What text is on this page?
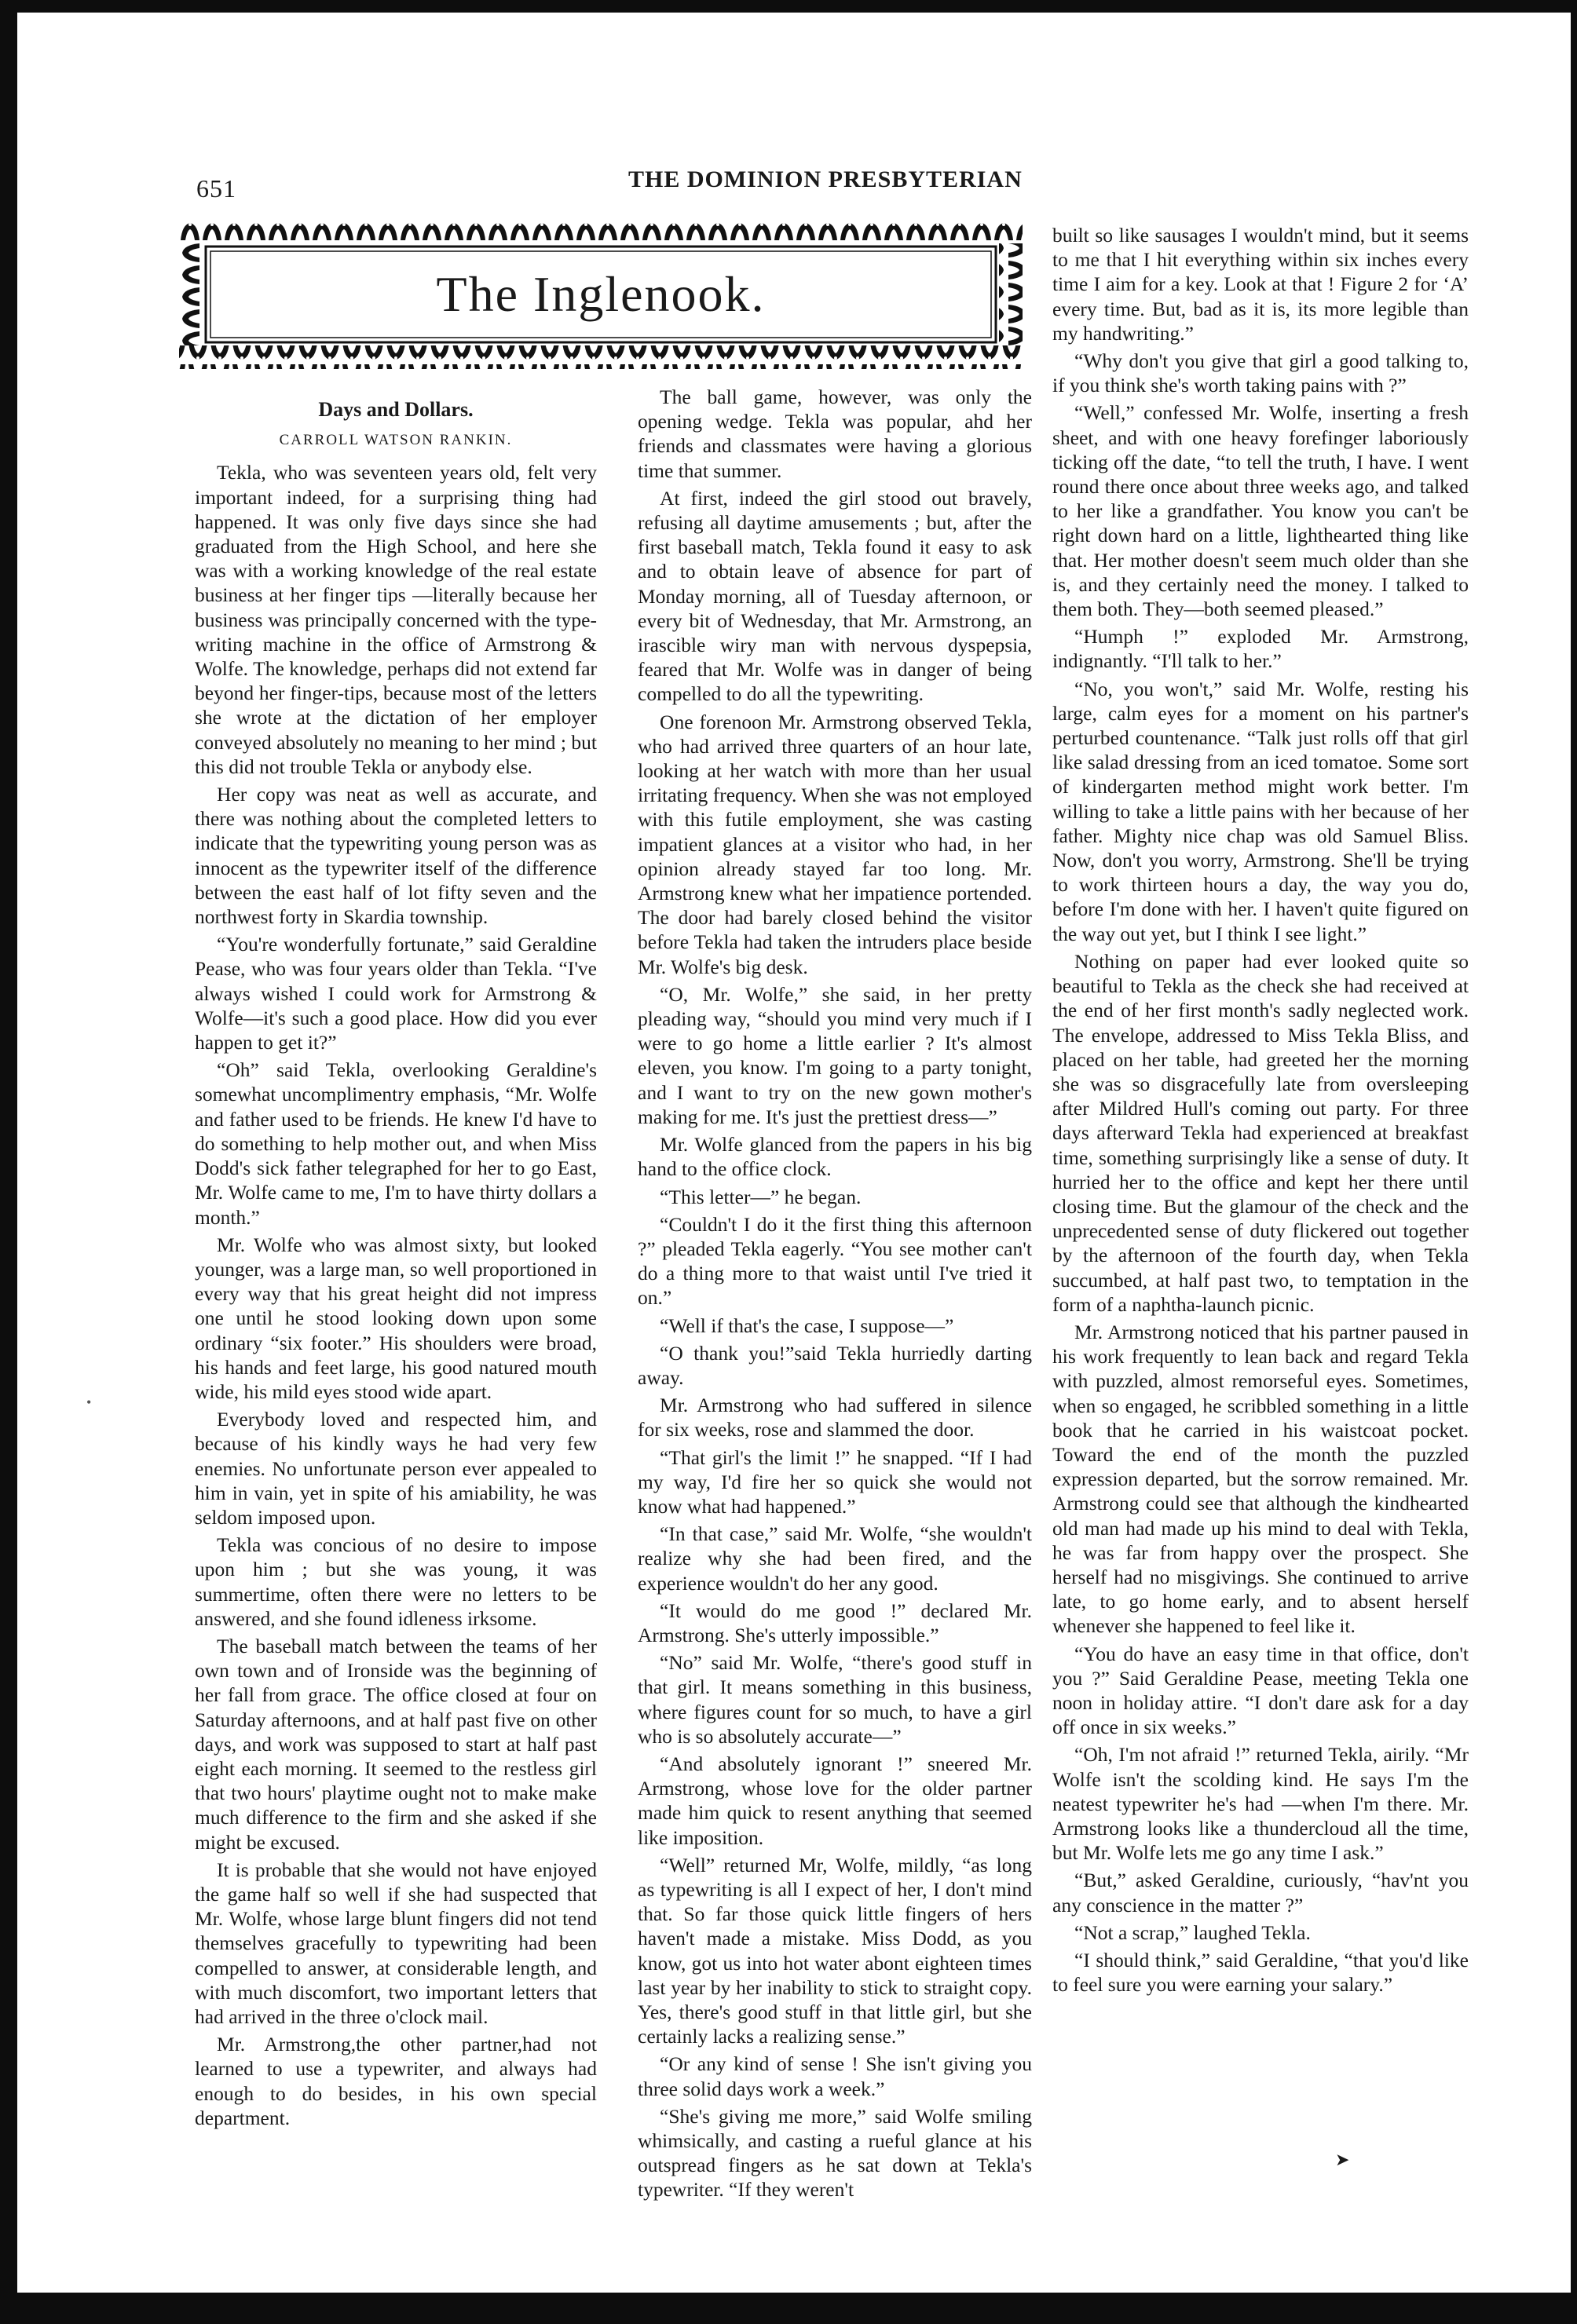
651	THE DOMINION PRESBYTERIAN
The Inglenook.
Days and Dollars.
CARROLL WATSON RANKIN.

Tekla, who was seventeen years old, felt very important indeed, for a surprising thing had happened. It was only five days since she had graduated from the High School, and here she was with a working knowledge of the real estate business at her finger tips —literally because her business was principally concerned with the type-writing machine in the office of Armstrong & Wolfe. The knowledge, perhaps did not extend far beyond her finger-tips, because most of the letters she wrote at the dictation of her employer conveyed absolutely no meaning to her mind ; but this did not trouble Tekla or anybody else.

Her copy was neat as well as accurate, and there was nothing about the completed letters to indicate that the typewriting young person was as innocent as the typewriter itself of the difference between the east half of lot fifty seven and the northwest forty in Skardia township.

“You're wonderfully fortunate,” said Geraldine Pease, who was four years older than Tekla. “I've always wished I could work for Armstrong & Wolfe—it's such a good place. How did you ever happen to get it?”

“Oh” said Tekla, overlooking Geraldine's somewhat uncomplimentry emphasis, “Mr. Wolfe and father used to be friends. He knew I'd have to do something to help mother out, and when Miss Dodd's sick father telegraphed for her to go East, Mr. Wolfe came to me, I'm to have thirty dollars a month.”

Mr. Wolfe who was almost sixty, but looked younger, was a large man, so well proportioned in every way that his great height did not impress one until he stood looking down upon some ordinary “six footer.” His shoulders were broad, his hands and feet large, his good natured mouth wide, his mild eyes stood wide apart.

Everybody loved and respected him, and because of his kindly ways he had very few enemies. No unfortunate person ever appealed to him in vain, yet in spite of his amiability, he was seldom imposed upon.

Tekla was concious of no desire to impose upon him ; but she was young, it was summertime, often there were no letters to be answered, and she found idleness irksome.

The baseball match between the teams of her own town and of Ironside was the beginning of her fall from grace. The office closed at four on Saturday afternoons, and at half past five on other days, and work was supposed to start at half past eight each morning. It seemed to the restless girl that two hours' playtime ought not to make make much difference to the firm and she asked if she might be excused.

It is probable that she would not have enjoyed the game half so well if she had suspected that Mr. Wolfe, whose large blunt fingers did not tend themselves gracefully to typewriting had been compelled to answer, at considerable length, and with much discomfort, two important letters that had arrived in the three o'clock mail.

Mr. Armstrong,the other partner,had not learned to use a typewriter, and always had enough to do besides, in his own special department.

The ball game, however, was only the opening wedge. Tekla was popular, ahd her friends and classmates were having a glorious time that summer.

At first, indeed the girl stood out bravely, refusing all daytime amusements ; but, after the first baseball match, Tekla found it easy to ask and to obtain leave of absence for part of Monday morning, all of Tuesday afternoon, or every bit of Wednesday, that Mr. Armstrong, an irascible wiry man with nervous dyspepsia, feared that Mr. Wolfe was in danger of being compelled to do all the typewriting.

One forenoon Mr. Armstrong observed Tekla, who had arrived three quarters of an hour late, looking at her watch with more than her usual irritating frequency. When she was not employed with this futile employment, she was casting impatient glances at a visitor who had, in her opinion already stayed far too long. Mr. Armstrong knew what her impatience portended. The door had barely closed behind the visitor before Tekla had taken the intruders place beside Mr. Wolfe's big desk.

“O, Mr. Wolfe,” she said, in her pretty pleading way, “should you mind very much if I were to go home a little earlier ? It's almost eleven, you know. I'm going to a party tonight, and I want to try on the new gown mother's making for me. It's just the prettiest dress—”

Mr. Wolfe glanced from the papers in his big hand to the office clock.

“This letter—” he began.

“Couldn't I do it the first thing this afternoon ?” pleaded Tekla eagerly. “You see mother can't do a thing more to that waist until I've tried it on.”

“Well if that's the case, I suppose—”

“O thank you!”said Tekla hurriedly darting away.

Mr. Armstrong who had suffered in silence for six weeks, rose and slammed the door.

“That girl's the limit !” he snapped. “If I had my way, I'd fire her so quick she would not know what had happened.”

“In that case,” said Mr. Wolfe, “she wouldn't realize why she had been fired, and the experience wouldn't do her any good.

“It would do me good !” declared Mr. Armstrong. She's utterly impossible.”

“No” said Mr. Wolfe, “there's good stuff in that girl. It means something in this business, where figures count for so much, to have a girl who is so absolutely accurate—”

“And absolutely ignorant !” sneered Mr. Armstrong, whose love for the older partner made him quick to resent anything that seemed like imposition.

“Well” returned Mr, Wolfe, mildly, “as long as typewriting is all I expect of her, I don't mind that. So far those quick little fingers of hers haven't made a mistake. Miss Dodd, as you know, got us into hot water abont eighteen times last year by her inability to stick to straight copy. Yes, there's good stuff in that little girl, but she certainly lacks a realizing sense.”

“Or any kind of sense ! She isn't giving you three solid days work a week.”

“She's giving me more,” said Wolfe smiling whimsically, and casting a rueful glance at his outspread fingers as he sat down at Tekla's typewriter. “If they weren't

built so like sausages I wouldn't mind, but it seems to me that I hit everything within six inches every time I aim for a key. Look at that ! Figure 2 for ‘A’ every time. But, bad as it is, its more legible than my handwriting.”

“Why don't you give that girl a good talking to, if you think she's worth taking pains with ?”

“Well,” confessed Mr. Wolfe, inserting a fresh sheet, and with one heavy forefinger laboriously ticking off the date, “to tell the truth, I have. I went round there once about three weeks ago, and talked to her like a grandfather. You know you can't be right down hard on a little, lighthearted thing like that. Her mother doesn't seem much older than she is, and they certainly need the money. I talked to them both. They—both seemed pleased.”

“Humph !” exploded Mr. Armstrong, indignantly. “I'll talk to her.”

“No, you won't,” said Mr. Wolfe, resting his large, calm eyes for a moment on his partner's perturbed countenance. “Talk just rolls off that girl like salad dressing from an iced tomatoe. Some sort of kindergarten method might work better. I'm willing to take a little pains with her because of her father. Mighty nice chap was old Samuel Bliss. Now, don't you worry, Armstrong. She'll be trying to work thirteen hours a day, the way you do, before I'm done with her. I haven't quite figured on the way out yet, but I think I see light.”

Nothing on paper had ever looked quite so beautiful to Tekla as the check she had received at the end of her first month's sadly neglected work. The envelope, addressed to Miss Tekla Bliss, and placed on her table, had greeted her the morning she was so disgracefully late from oversleeping after Mildred Hull's coming out party. For three days afterward Tekla had experienced at breakfast time, something surprisingly like a sense of duty. It hurried her to the office and kept her there until closing time. But the glamour of the check and the unprecedented sense of duty flickered out together by the afternoon of the fourth day, when Tekla succumbed, at half past two, to temptation in the form of a naphtha-launch picnic.

Mr. Armstrong noticed that his partner paused in his work frequently to lean back and regard Tekla with puzzled, almost remorseful eyes. Sometimes, when so engaged, he scribbled something in a little book that he carried in his waistcoat pocket. Toward the end of the month the puzzled expression departed, but the sorrow remained. Mr. Armstrong could see that although the kindhearted old man had made up his mind to deal with Tekla, he was far from happy over the prospect. She herself had no misgivings. She continued to arrive late, to go home early, and to absent herself whenever she happened to feel like it.

“You do have an easy time in that office, don't you ?” Said Geraldine Pease, meeting Tekla one noon in holiday attire. “I don't dare ask for a day off once in six weeks.”

“Oh, I'm not afraid !” returned Tekla, airily. “Mr Wolfe isn't the scolding kind. He says I'm the neatest typewriter he's had —when I'm there. Mr. Armstrong looks like a thundercloud all the time, but Mr. Wolfe lets me go any time I ask.”

“But,” asked Geraldine, curiously, “hav'nt you any conscience in the matter ?”

“Not a scrap,” laughed Tekla.

“I should think,” said Geraldine, “that you'd like to feel sure you were earning your salary.”

➤
•
